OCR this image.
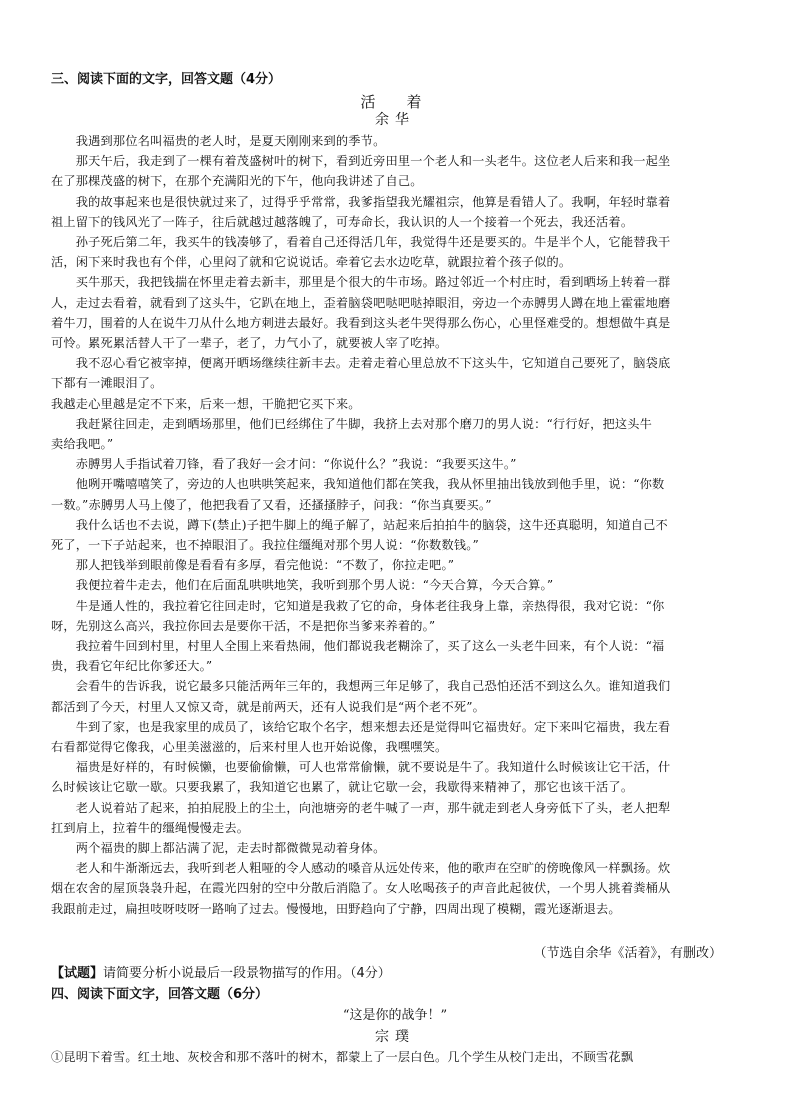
三、阅读下面的文字，回答文题（4分）
活　着
余华
　　我遇到那位名叫福贵的老人时，是夏天刚刚来到的季节。
　　那天午后，我走到了一棵有着茂盛树叶的树下，看到近旁田里一个老人和一头老牛。这位老人后来和我一起坐
在了那棵茂盛的树下，在那个充满阳光的下午，他向我讲述了自己。
　　我的故事起来也是很快就过来了，过得乎乎常常，我爹指望我光耀祖宗，他算是看错人了。我啊，年轻时靠着
祖上留下的钱风光了一阵子，往后就越过越落魄了，可寿命长，我认识的人一个接着一个死去，我还活着。
　　孙子死后第二年，我买牛的钱凑够了，看着自己还得活几年，我觉得牛还是要买的。牛是半个人，它能替我干
活，闲下来时我也有个伴，心里闷了就和它说说话。牵着它去水边吃草，就跟拉着个孩子似的。
　　买牛那天，我把钱揣在怀里走着去新丰，那里是个很大的牛市场。路过邻近一个村庄时，看到晒场上转着一群
人，走过去看着，就看到了这头牛，它趴在地上，歪着脑袋吧哒吧哒掉眼泪，旁边一个赤膊男人蹲在地上霍霍地磨
着牛刀，围着的人在说牛刀从什么地方刺进去最好。我看到这头老牛哭得那么伤心，心里怪难受的。想想做牛真是
可怜。累死累活替人干了一辈子，老了，力气小了，就要被人宰了吃掉。
　　我不忍心看它被宰掉，便离开晒场继续往新丰去。走着走着心里总放不下这头牛，它知道自己要死了，脑袋底
下都有一滩眼泪了。
我越走心里越是定不下来，后来一想，干脆把它买下来。
　　我赶紧往回走，走到晒场那里，他们已经绑住了牛脚，我挤上去对那个磨刀的男人说：“行行好，把这头牛
卖给我吧。”
　　赤膊男人手指试着刀锋，看了我好一会才问：“你说什么？”我说：“我要买这牛。”
　　他咧开嘴嘻嘻笑了，旁边的人也哄哄笑起来，我知道他们都在笑我，我从怀里抽出钱放到他手里，说：“你数
一数。”赤膊男人马上傻了，他把我看了又看，还搔搔脖子，问我：“你当真要买。”
　　我什么话也不去说，蹲下(禁止)子把牛脚上的绳子解了，站起来后拍拍牛的脑袋，这牛还真聪明，知道自己不
死了，一下子站起来，也不掉眼泪了。我拉住缰绳对那个男人说：“你数数钱。”
　　那人把钱举到眼前像是看看有多厚，看完他说：“不数了，你拉走吧。”
　　我便拉着牛走去，他们在后面乱哄哄地笑，我听到那个男人说：“今天合算，今天合算。”
　　牛是通人性的，我拉着它往回走时，它知道是我救了它的命，身体老往我身上靠，亲热得很，我对它说：“你
呀，先别这么高兴，我拉你回去是要你干活，不是把你当爹来养着的。”
　　我拉着牛回到村里，村里人全围上来看热闹，他们都说我老糊涂了，买了这么一头老牛回来，有个人说：“福
贵，我看它年纪比你爹还大。”
　　会看牛的告诉我，说它最多只能活两年三年的，我想两三年足够了，我自己恐怕还活不到这么久。谁知道我们
都活到了今天，村里人又惊又奇，就是前两天，还有人说我们是“两个老不死”。
　　牛到了家，也是我家里的成员了，该给它取个名字，想来想去还是觉得叫它福贵好。定下来叫它福贵，我左看
右看都觉得它像我，心里美滋滋的，后来村里人也开始说像，我嘿嘿笑。
　　福贵是好样的，有时候懒，也要偷偷懒，可人也常常偷懒，就不要说是牛了。我知道什么时候该让它干活，什
么时候该让它歇一歇。只要我累了，我知道它也累了，就让它歇一会，我歇得来精神了，那它也该干活了。
　　老人说着站了起来，拍拍屁股上的尘土，向池塘旁的老牛喊了一声，那牛就走到老人身旁低下了头，老人把犁
扛到肩上，拉着牛的缰绳慢慢走去。
　　两个福贵的脚上都沾满了泥，走去时都微微晃动着身体。
　　老人和牛渐渐远去，我听到老人粗哑的令人感动的嗓音从远处传来，他的歌声在空旷的傍晚像风一样飘扬。炊
烟在农舍的屋顶袅袅升起，在霞光四射的空中分散后消隐了。女人吆喝孩子的声音此起彼伏，一个男人挑着粪桶从
我跟前走过，扁担吱呀吱呀一路响了过去。慢慢地，田野趋向了宁静，四周出现了模糊，霞光逐渐退去。
（节选自余华《活着》，有删改）
【试题】请简要分析小说最后一段景物描写的作用。（4分）
四、阅读下面文字，回答文题（6分）
“这是你的战争！”
宗璞
①昆明下着雪。红土地、灰校舍和那不落叶的树木，都蒙上了一层白色。几个学生从校门走出，不顾雪花飘
